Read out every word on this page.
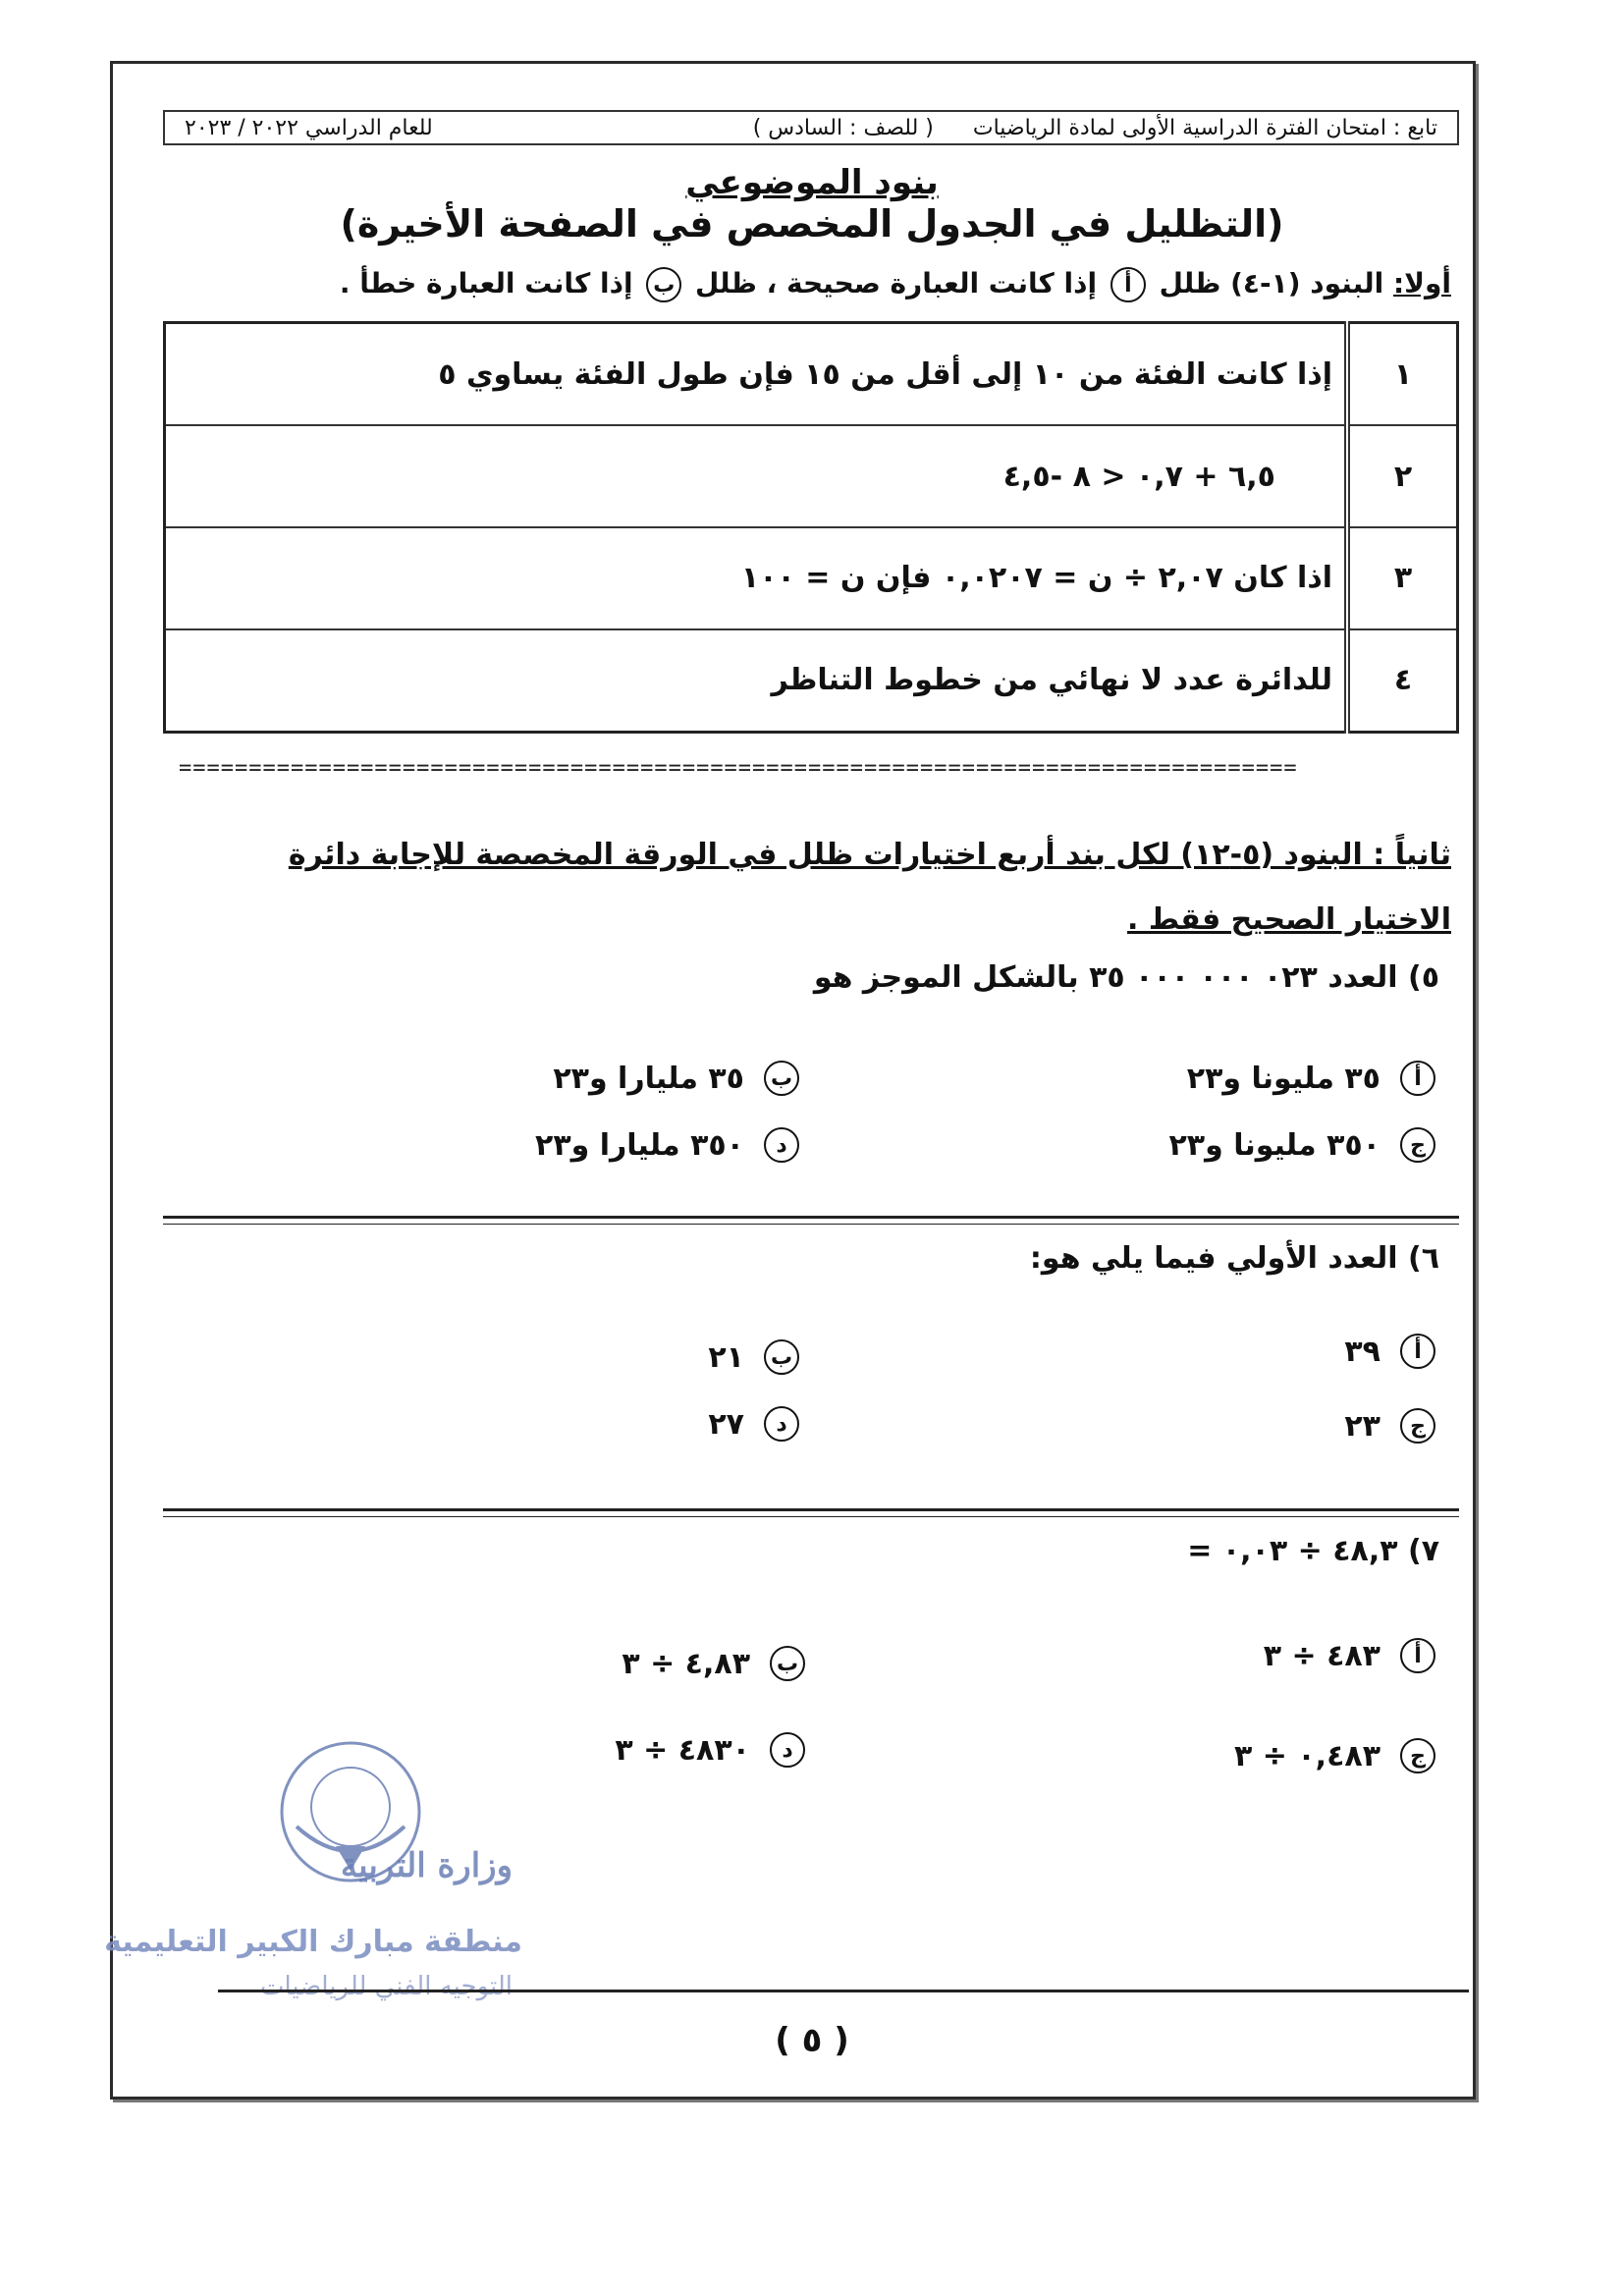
تابع : امتحان الفترة الدراسية الأولى لمادة الرياضيات
( للصف : السادس )
للعام الدراسي ٢٠٢٢ / ٢٠٢٣
بنود الموضوعي
(التظليل في الجدول المخصص في الصفحة الأخيرة)
أولا: البنود (١-٤) ظلل أ إذا كانت العبارة صحيحة ، ظلل ب إذا كانت العبارة خطأ .
١	إذا كانت الفئة من ١٠ إلى أقل من ١٥ فإن طول الفئة يساوي ٥
٢	٦,٥ + ٠,٧ < ٨ -٤,٥
٣	اذا كان ٢,٠٧ ÷ ن = ٠,٠٢٠٧ فإن ن = ١٠٠
٤	للدائرة عدد لا نهائي من خطوط التناظر
================================================================================
ثانياً : البنود (٥-١٢) لكل بند أربع اختيارات ظلل في الورقة المخصصة للإجابة دائرة الاختيار الصحيح فقط .
٥) العدد ٠٢٣ ٠٠٠ ٠٠٠ ٣٥ بالشكل الموجز هو
أ
٣٥ مليونا و٢٣
ب
٣٥ مليارا و٢٣
ج
٣٥٠ مليونا و٢٣
د
٣٥٠ مليارا و٢٣
٦) العدد الأولي فيما يلي هو:
أ
٣٩
ب
٢١
ج
٢٣
د
٢٧
٧) ٤٨,٣ ÷ ٠,٠٣ =
أ
٤٨٣ ÷ ٣
ب
٤,٨٣ ÷ ٣
ج
٠,٤٨٣ ÷ ٣
د
٤٨٣٠ ÷ ٣
وزارة التربية
منطقة مبارك الكبير التعليمية
التوجيه الفني للرياضيات
( ٥ )
